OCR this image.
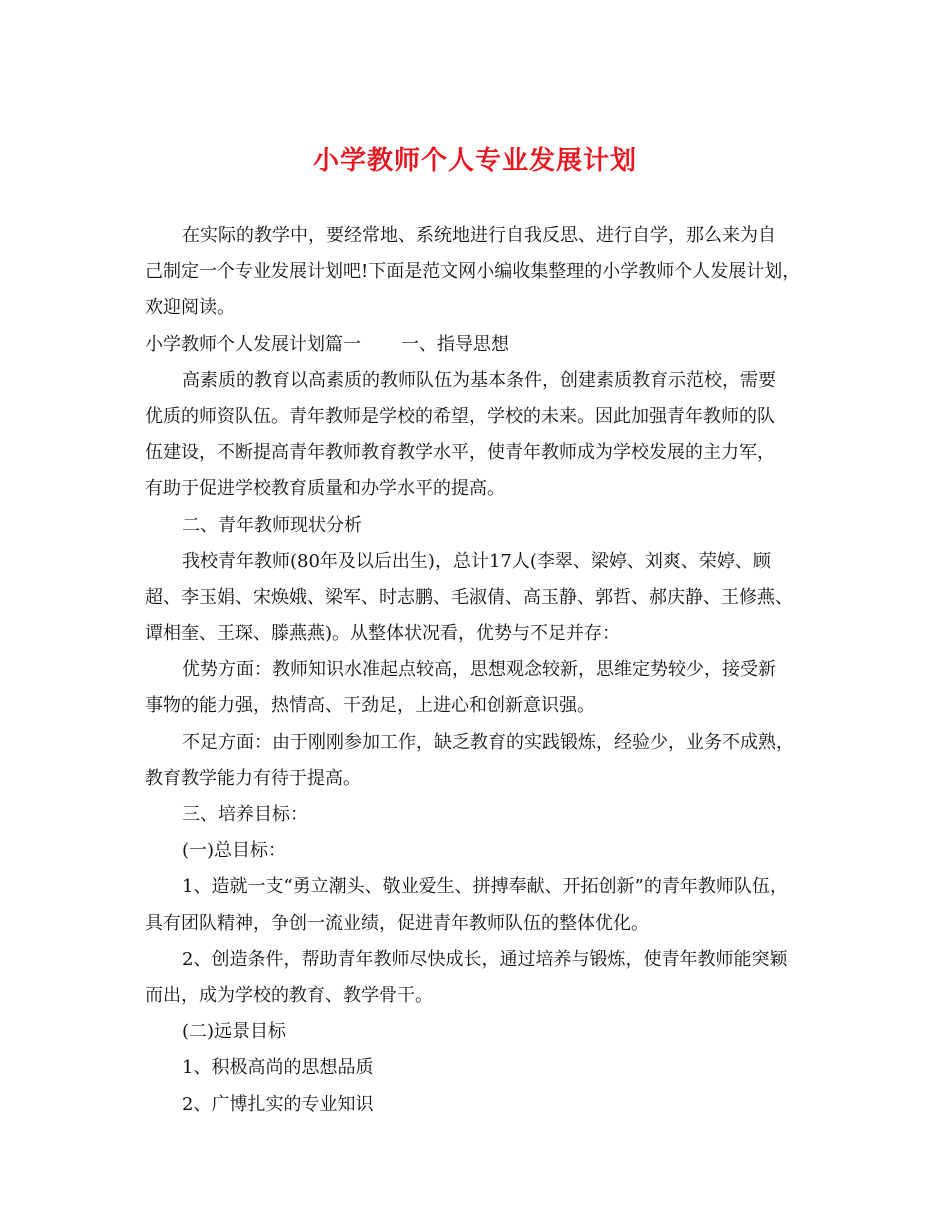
小学教师个人专业发展计划
在实际的教学中，要经常地、系统地进行自我反思、进行自学，那么来为自
己制定一个专业发展计划吧!下面是范文网小编收集整理的小学教师个人发展计划，
欢迎阅读。
小学教师个人发展计划篇一 一、指导思想
高素质的教育以高素质的教师队伍为基本条件，创建素质教育示范校，需要
优质的师资队伍。青年教师是学校的希望，学校的未来。因此加强青年教师的队
伍建设，不断提高青年教师教育教学水平，使青年教师成为学校发展的主力军，
有助于促进学校教育质量和办学水平的提高。
二、青年教师现状分析
我校青年教师(80年及以后出生)，总计17人(李翠、梁婷、刘爽、荣婷、顾
超、李玉娟、宋焕娥、梁军、时志鹏、毛淑倩、高玉静、郭哲、郝庆静、王修燕、
谭相奎、王琛、滕燕燕)。从整体状况看，优势与不足并存：
优势方面：教师知识水准起点较高，思想观念较新，思维定势较少，接受新
事物的能力强，热情高、干劲足，上进心和创新意识强。
不足方面：由于刚刚参加工作，缺乏教育的实践锻炼，经验少，业务不成熟，
教育教学能力有待于提高。
三、培养目标：
(一)总目标：
1、造就一支“勇立潮头、敬业爱生、拼搏奉献、开拓创新”的青年教师队伍，
具有团队精神，争创一流业绩，促进青年教师队伍的整体优化。
2、创造条件，帮助青年教师尽快成长，通过培养与锻炼，使青年教师能突颖
而出，成为学校的教育、教学骨干。
(二)远景目标
1、积极高尚的思想品质
2、广博扎实的专业知识
